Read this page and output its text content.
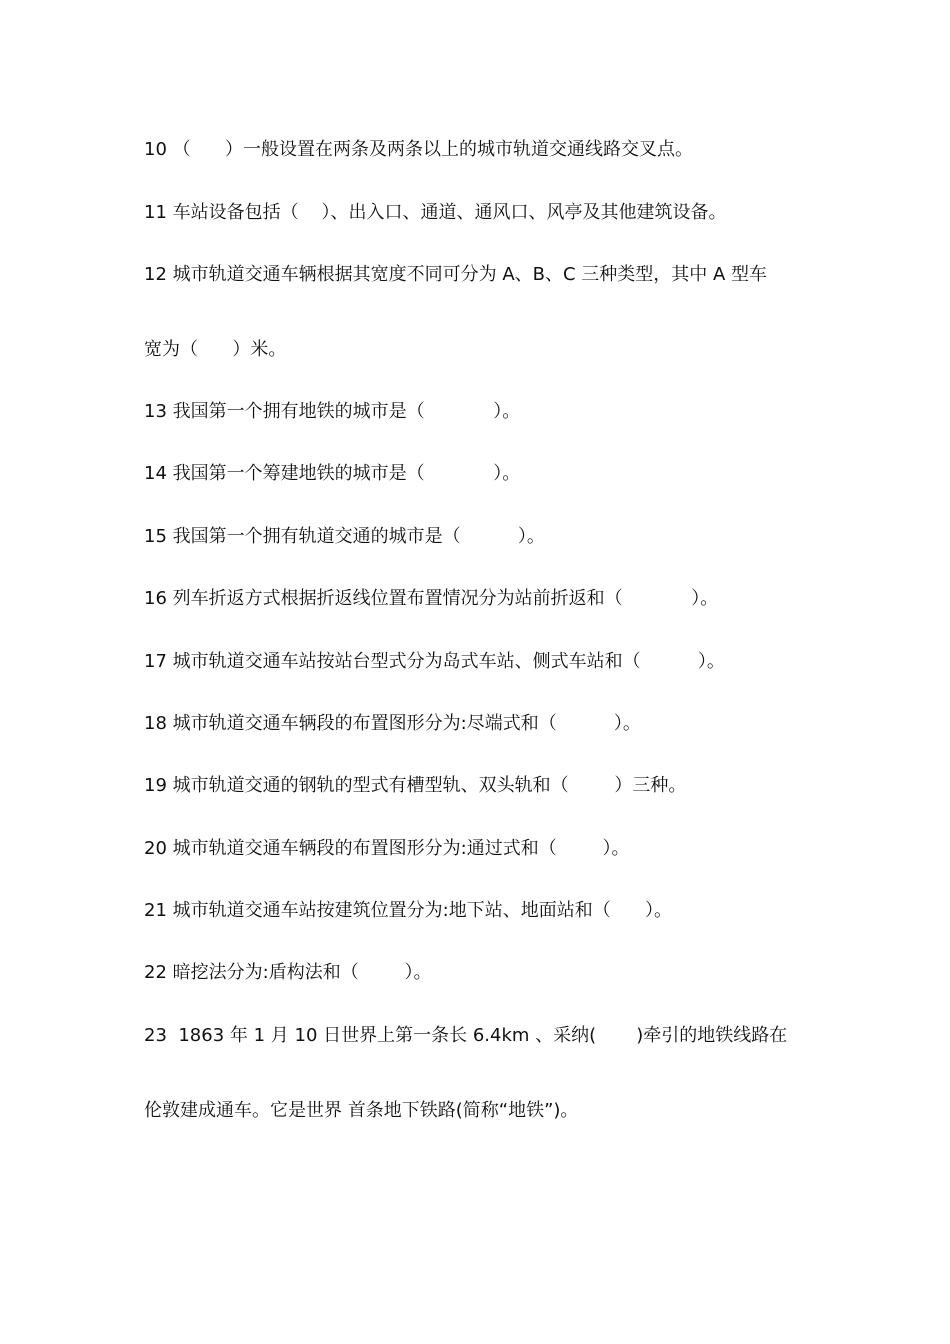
10 （      ）一般设置在两条及两条以上的城市轨道交通线路交叉点。
11 车站设备包括（    ）、出入口、通道、通风口、风亭及其他建筑设备。
12 城市轨道交通车辆根据其宽度不同可分为 A、B、C 三种类型，其中 A 型车
宽为（      ）米。
13 我国第一个拥有地铁的城市是（            ）。
14 我国第一个筹建地铁的城市是（            ）。
15 我国第一个拥有轨道交通的城市是（          ）。
16 列车折返方式根据折返线位置布置情况分为站前折返和（            ）。
17 城市轨道交通车站按站台型式分为岛式车站、侧式车站和（          ）。
18 城市轨道交通车辆段的布置图形分为:尽端式和（          ）。
19 城市轨道交通的钢轨的型式有槽型轨、双头轨和（        ）三种。
20 城市轨道交通车辆段的布置图形分为:通过式和（        ）。
21 城市轨道交通车站按建筑位置分为:地下站、地面站和（      ）。
22 暗挖法分为:盾构法和（        ）。
23  1863 年 1 月 10 日世界上第一条长 6.4km 、采纳(       )牵引的地铁线路在
伦敦建成通车。它是世界 首条地下铁路(简称“地铁”)。
